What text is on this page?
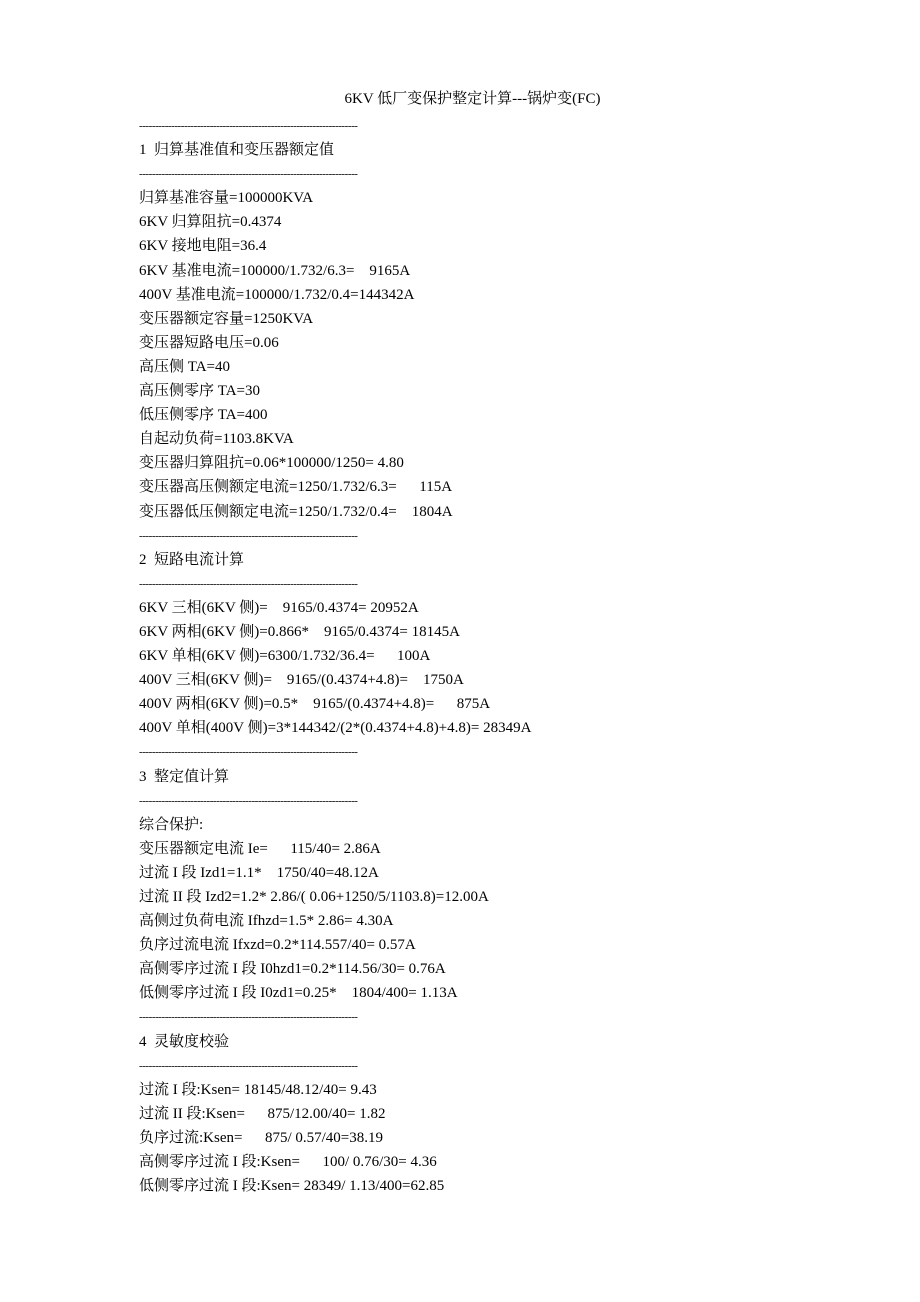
6KV 低厂变保护整定计算---锅炉变(FC)
--------------------------------------------------------------------
1  归算基准值和变压器额定值
--------------------------------------------------------------------
归算基准容量=100000KVA
6KV 归算阻抗=0.4374
6KV 接地电阻=36.4
6KV 基准电流=100000/1.732/6.3=    9165A
400V 基准电流=100000/1.732/0.4=144342A
变压器额定容量=1250KVA
变压器短路电压=0.06
高压侧 TA=40
高压侧零序 TA=30
低压侧零序 TA=400
自起动负荷=1103.8KVA
变压器归算阻抗=0.06*100000/1250= 4.80
变压器高压侧额定电流=1250/1.732/6.3=      115A
变压器低压侧额定电流=1250/1.732/0.4=    1804A
--------------------------------------------------------------------
2  短路电流计算
--------------------------------------------------------------------
6KV 三相(6KV 侧)=    9165/0.4374= 20952A
6KV 两相(6KV 侧)=0.866*    9165/0.4374= 18145A
6KV 单相(6KV 侧)=6300/1.732/36.4=      100A
400V 三相(6KV 侧)=    9165/(0.4374+4.8)=    1750A
400V 两相(6KV 侧)=0.5*    9165/(0.4374+4.8)=      875A
400V 单相(400V 侧)=3*144342/(2*(0.4374+4.8)+4.8)= 28349A
--------------------------------------------------------------------
3  整定值计算
--------------------------------------------------------------------
综合保护:
变压器额定电流 Ie=      115/40= 2.86A
过流 I 段 Izd1=1.1*    1750/40=48.12A
过流 II 段 Izd2=1.2* 2.86/( 0.06+1250/5/1103.8)=12.00A
高侧过负荷电流 Ifhzd=1.5* 2.86= 4.30A
负序过流电流 Ifxzd=0.2*114.557/40= 0.57A
高侧零序过流 I 段 I0hzd1=0.2*114.56/30= 0.76A
低侧零序过流 I 段 I0zd1=0.25*    1804/400= 1.13A
--------------------------------------------------------------------
4  灵敏度校验
--------------------------------------------------------------------
过流 I 段:Ksen= 18145/48.12/40= 9.43
过流 II 段:Ksen=      875/12.00/40= 1.82
负序过流:Ksen=      875/ 0.57/40=38.19
高侧零序过流 I 段:Ksen=      100/ 0.76/30= 4.36
低侧零序过流 I 段:Ksen= 28349/ 1.13/400=62.85
